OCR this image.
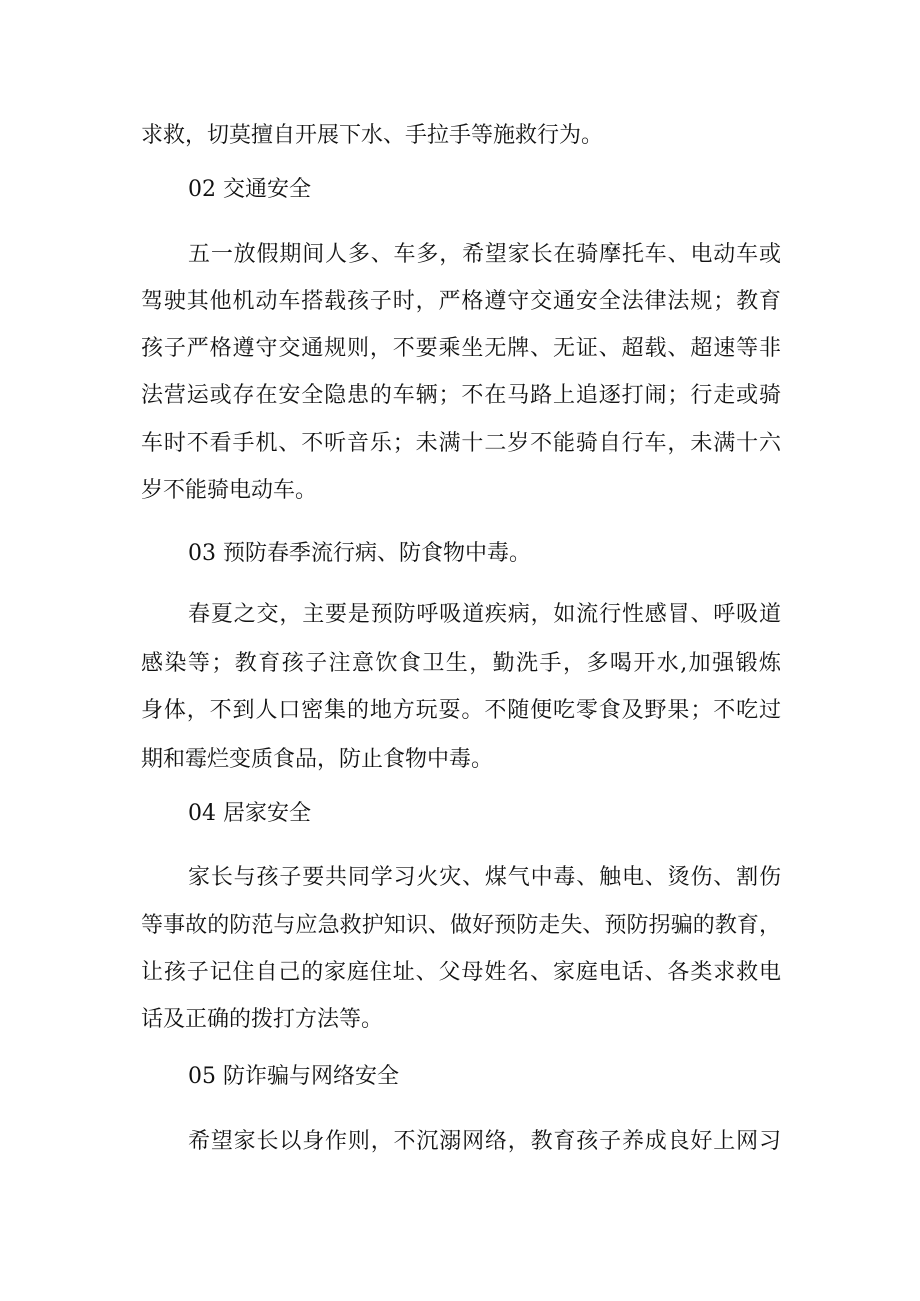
求救，切莫擅自开展下水、手拉手等施救行为。

02 交通安全

五一放假期间人多、车多，希望家长在骑摩托车、电动车或

驾驶其他机动车搭载孩子时，严格遵守交通安全法律法规；教育

孩子严格遵守交通规则，不要乘坐无牌、无证、超载、超速等非

法营运或存在安全隐患的车辆；不在马路上追逐打闹；行走或骑

车时不看手机、不听音乐；未满十二岁不能骑自行车，未满十六

岁不能骑电动车。

03 预防春季流行病、防食物中毒。

春夏之交，主要是预防呼吸道疾病，如流行性感冒、呼吸道

感染等；教育孩子注意饮食卫生，勤洗手，多喝开水,加强锻炼

身体，不到人口密集的地方玩耍。不随便吃零食及野果；不吃过

期和霉烂变质食品，防止食物中毒。

04 居家安全

家长与孩子要共同学习火灾、煤气中毒、触电、烫伤、割伤

等事故的防范与应急救护知识、做好预防走失、预防拐骗的教育，

让孩子记住自己的家庭住址、父母姓名、家庭电话、各类求救电

话及正确的拨打方法等。

05 防诈骗与网络安全

希望家长以身作则，不沉溺网络，教育孩子养成良好上网习
